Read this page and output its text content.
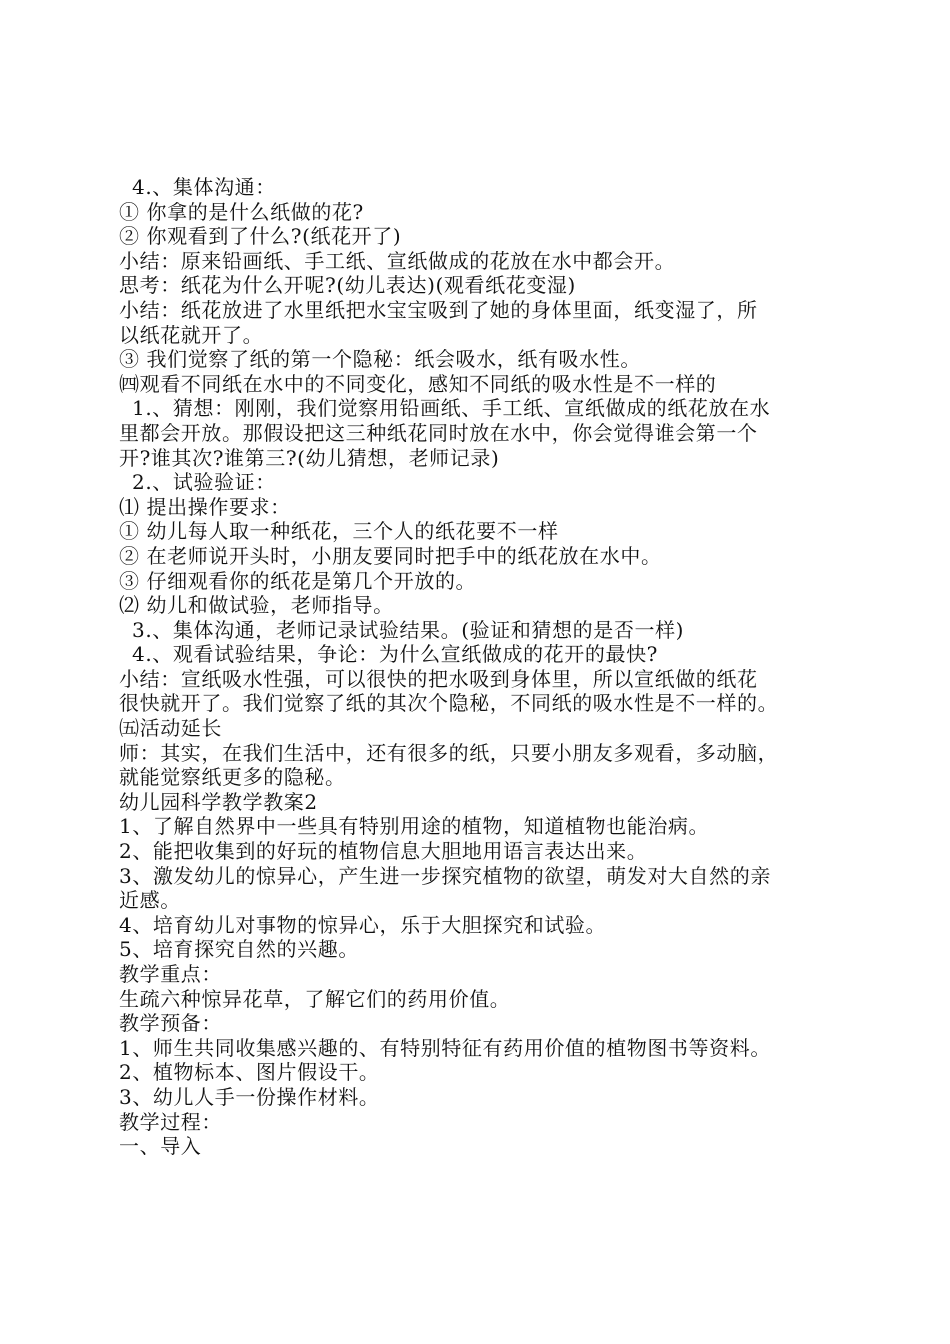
4.、集体沟通：
① 你拿的是什么纸做的花?
② 你观看到了什么?(纸花开了)
小结：原来铅画纸、手工纸、宣纸做成的花放在水中都会开。
思考：纸花为什么开呢?(幼儿表达)(观看纸花变湿)
小结：纸花放进了水里纸把水宝宝吸到了她的身体里面，纸变湿了，所
以纸花就开了。
③ 我们觉察了纸的第一个隐秘：纸会吸水，纸有吸水性。
㈣观看不同纸在水中的不同变化，感知不同纸的吸水性是不一样的
1.、猜想：刚刚，我们觉察用铅画纸、手工纸、宣纸做成的纸花放在水
里都会开放。那假设把这三种纸花同时放在水中，你会觉得谁会第一个
开?谁其次?谁第三?(幼儿猜想，老师记录)
2.、试验验证：
⑴ 提出操作要求：
① 幼儿每人取一种纸花，三个人的纸花要不一样
② 在老师说开头时，小朋友要同时把手中的纸花放在水中。
③ 仔细观看你的纸花是第几个开放的。
⑵ 幼儿和做试验，老师指导。
3.、集体沟通，老师记录试验结果。(验证和猜想的是否一样)
4.、观看试验结果，争论：为什么宣纸做成的花开的最快?
小结：宣纸吸水性强，可以很快的把水吸到身体里，所以宣纸做的纸花
很快就开了。我们觉察了纸的其次个隐秘，不同纸的吸水性是不一样的。
㈤活动延长
师：其实，在我们生活中，还有很多的纸，只要小朋友多观看，多动脑，
就能觉察纸更多的隐秘。
幼儿园科学教学教案2
1、了解自然界中一些具有特别用途的植物，知道植物也能治病。
2、能把收集到的好玩的植物信息大胆地用语言表达出来。
3、激发幼儿的惊异心，产生进一步探究植物的欲望，萌发对大自然的亲
近感。
4、培育幼儿对事物的惊异心，乐于大胆探究和试验。
5、培育探究自然的兴趣。
教学重点：
生疏六种惊异花草，了解它们的药用价值。
教学预备：
1、师生共同收集感兴趣的、有特别特征有药用价值的植物图书等资料。
2、植物标本、图片假设干。
3、幼儿人手一份操作材料。
教学过程：
一、导入
